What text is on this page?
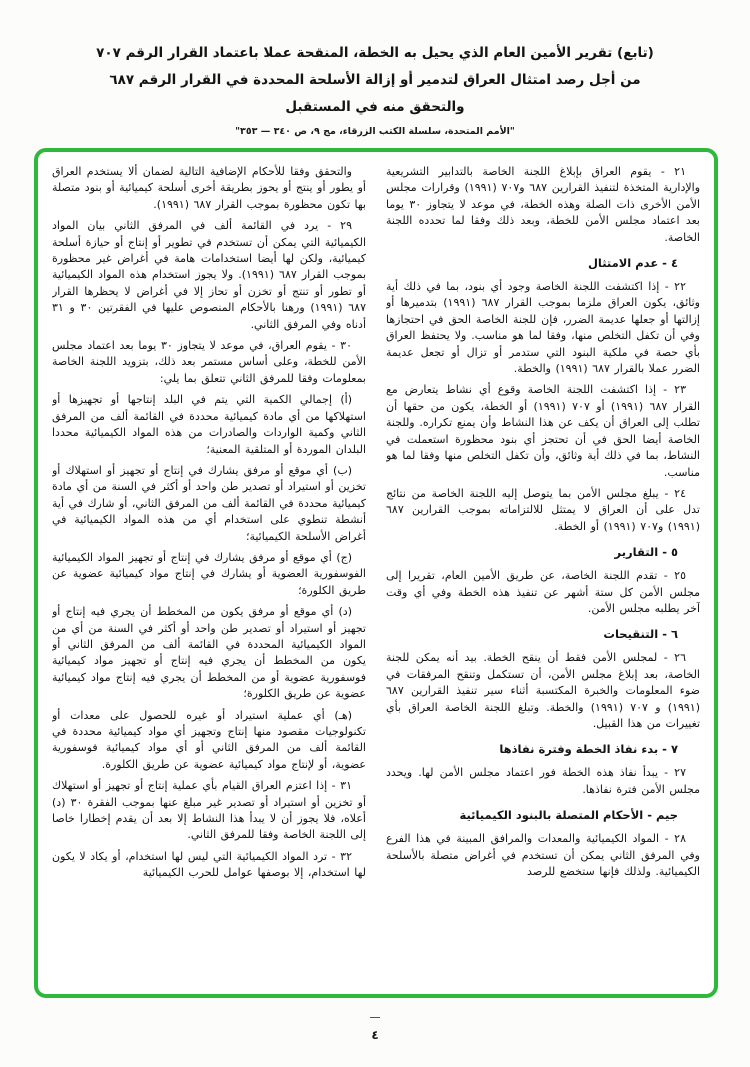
(تابع) تقرير الأمين العام الذي يحيل به الخطة، المنقحة عملا باعتماد القرار الرقم ٧٠٧
من أجل رصد امتثال العراق لتدمير أو إزالة الأسلحة المحددة في القرار الرقم ٦٨٧
والتحقق منه في المستقبل
"الأمم المتحدة، سلسلة الكتب الزرقاء، مج ٩، ص ٣٤٠ — ٣٥٣"

٢١ - يقوم العراق بإبلاغ اللجنة الخاصة بالتدابير التشريعية والإدارية المتخذة لتنفيذ القرارين ٦٨٧ و٧٠٧ (١٩٩١) وقرارات مجلس الأمن الأخرى ذات الصلة وهذه الخطة، في موعد لا يتجاوز ٣٠ يوما بعد اعتماد مجلس الأمن للخطة، وبعد ذلك وفقا لما تحدده اللجنة الخاصة.

٤ - عدم الامتثال

٢٢ - إذا اكتشفت اللجنة الخاصة وجود أي بنود، بما في ذلك أية وثائق، يكون العراق ملزما بموجب القرار ٦٨٧ (١٩٩١) بتدميرها أو إزالتها أو جعلها عديمة الضرر، فإن للجنة الخاصة الحق في احتجازها وفي أن تكفل التخلص منها، وفقا لما هو مناسب. ولا يحتفظ العراق بأي حصة في ملكية البنود التي ستدمر أو تزال أو تجعل عديمة الضرر عملا بالقرار ٦٨٧ (١٩٩١) والخطة.

٢٣ - إذا اكتشفت اللجنة الخاصة وقوع أي نشاط يتعارض مع القرار ٦٨٧ (١٩٩١) أو ٧٠٧ (١٩٩١) أو الخطة، يكون من حقها أن تطلب إلى العراق أن يكف عن هذا النشاط وأن يمنع تكراره. وللجنة الخاصة أيضا الحق في أن تحتجز أي بنود محظورة استعملت في النشاط، بما في ذلك أية وثائق، وأن تكفل التخلص منها وفقا لما هو مناسب.

٢٤ - يبلغ مجلس الأمن بما يتوصل إليه اللجنة الخاصة من نتائج تدل على أن العراق لا يمتثل للالتزاماته بموجب القرارين ٦٨٧ (١٩٩١) و٧٠٧ (١٩٩١) أو الخطة.

٥ - التقارير

٢٥ - تقدم اللجنة الخاصة، عن طريق الأمين العام، تقريرا إلى مجلس الأمن كل ستة أشهر عن تنفيذ هذه الخطة وفي أي وقت آخر يطلبه مجلس الأمن.

٦ - التنقيحات

٢٦ - لمجلس الأمن فقط أن ينقح الخطة. بيد أنه يمكن للجنة الخاصة، بعد إبلاغ مجلس الأمن، أن تستكمل وتنقح المرفقات في ضوء المعلومات والخبرة المكتسبة أثناء سير تنفيذ القرارين ٦٨٧ (١٩٩١) و ٧٠٧ (١٩٩١) والخطة. وتبلغ اللجنة الخاصة العراق بأي تغييرات من هذا القبيل.

٧ - بدء نفاذ الخطة وفترة نفاذها

٢٧ - يبدأ نفاذ هذه الخطة فور اعتماد مجلس الأمن لها. ويحدد مجلس الأمن فترة نفاذها.

جيم - الأحكام المتصلة بالبنود الكيميائية

٢٨ - المواد الكيميائية والمعدات والمرافق المبينة في هذا الفرع وفي المرفق الثاني يمكن أن تستخدم في أغراض متصلة بالأسلحة الكيميائية. ولذلك فإنها ستخضع للرصد

والتحقق وفقا للأحكام الإضافية التالية لضمان ألا يستخدم العراق أو يطور أو ينتج أو يحوز بطريقة أخرى أسلحة كيميائية أو بنود متصلة بها تكون محظورة بموجب القرار ٦٨٧ (١٩٩١).

٢٩ - يرد في القائمة ألف في المرفق الثاني بيان المواد الكيميائية التي يمكن أن تستخدم في تطوير أو إنتاج أو حيازة أسلحة كيميائية، ولكن لها أيضا استخدامات هامة في أغراض غير محظورة بموجب القرار ٦٨٧ (١٩٩١). ولا يجوز استخدام هذه المواد الكيميائية أو تطور أو تنتج أو تخزن أو تحاز إلا في أغراض لا يحظرها القرار ٦٨٧ (١٩٩١) ورهنا بالأحكام المنصوص عليها في الفقرتين ٣٠ و ٣١ أدناه وفي المرفق الثاني.

٣٠ - يقوم العراق، في موعد لا يتجاوز ٣٠ يوما بعد اعتماد مجلس الأمن للخطة، وعلى أساس مستمر بعد ذلك، بتزويد اللجنة الخاصة بمعلومات وفقا للمرفق الثاني تتعلق بما يلي:

(أ) إجمالي الكمية التي يتم في البلد إنتاجها أو تجهيزها أو استهلاكها من أي مادة كيميائية محددة في القائمة ألف من المرفق الثاني وكمية الواردات والصادرات من هذه المواد الكيميائية محددا البلدان الموردة أو المتلقية المعنية؛

(ب) أي موقع أو مرفق يشارك في إنتاج أو تجهيز أو استهلاك أو تخزين أو استيراد أو تصدير طن واحد أو أكثر في السنة من أي مادة كيميائية محددة في القائمة ألف من المرفق الثاني، أو شارك في أية أنشطة تنطوي على استخدام أي من هذه المواد الكيميائية في أغراض الأسلحة الكيميائية؛

(ج) أي موقع أو مرفق يشارك في إنتاج أو تجهيز المواد الكيميائية الفوسفورية العضوية أو يشارك في إنتاج مواد كيميائية عضوية عن طريق الكلورة؛

(د) أي موقع أو مرفق يكون من المخطط أن يجري فيه إنتاج أو تجهيز أو استيراد أو تصدير طن واحد أو أكثر في السنة من أي من المواد الكيميائية المحددة في القائمة ألف من المرفق الثاني أو يكون من المخطط أن يجري فيه إنتاج أو تجهيز مواد كيميائية فوسفورية عضوية أو من المخطط أن يجري فيه إنتاج مواد كيميائية عضوية عن طريق الكلورة؛

(هـ) أي عملية استيراد أو غيره للحصول على معدات أو تكنولوجيات مقصود منها إنتاج وتجهيز أي مواد كيميائية محددة في القائمة ألف من المرفق الثاني أو أي مواد كيميائية فوسفورية عضوية، أو لإنتاج مواد كيميائية عضوية عن طريق الكلورة.

٣١ - إذا اعتزم العراق القيام بأي عملية إنتاج أو تجهيز أو استهلاك أو تخزين أو استيراد أو تصدير غير مبلغ عنها بموجب الفقرة ٣٠ (د) أعلاه، فلا يجوز أن لا يبدأ هذا النشاط إلا بعد أن يقدم إخطارا خاصا إلى اللجنة الخاصة وفقا للمرفق الثاني.

٣٢ - ترد المواد الكيميائية التي ليس لها استخدام، أو يكاد لا يكون لها استخدام، إلا بوصفها عوامل للحرب الكيميائية

٤
